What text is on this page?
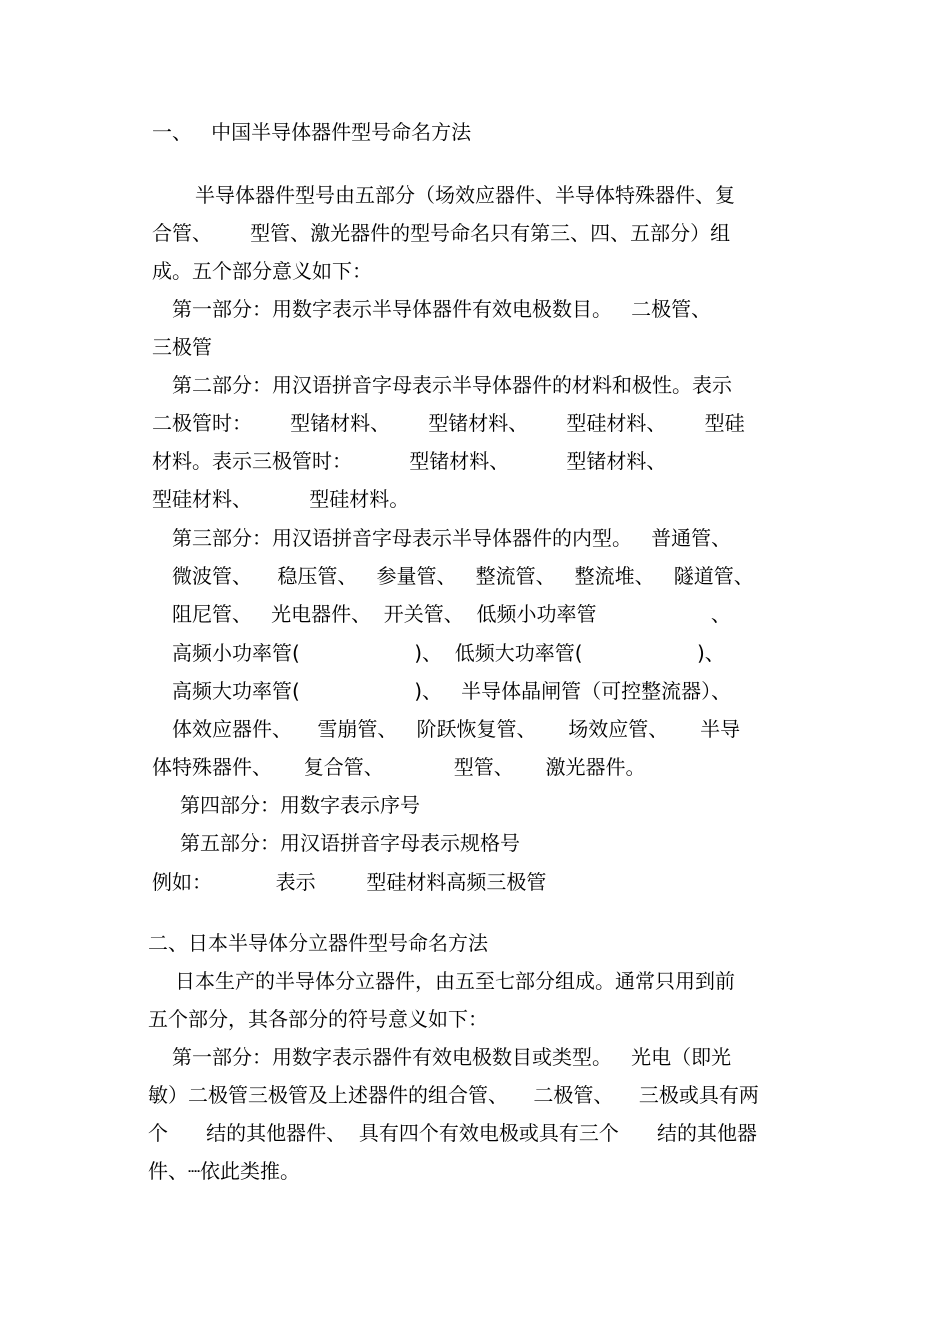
一、   中国半导体器件型号命名方法

半导体器件型号由五部分（场效应器件、半导体特殊器件、复

合管、      型管、激光器件的型号命名只有第三、四、五部分）组

成。五个部分意义如下：

第一部分：用数字表示半导体器件有效电极数目。   二极管、

三极管

第二部分：用汉语拼音字母表示半导体器件的材料和极性。表示

二极管时：      型锗材料、      型锗材料、      型硅材料、      型硅

材料。表示三极管时：         型锗材料、         型锗材料、

型硅材料、         型硅材料。

第三部分：用汉语拼音字母表示半导体器件的内型。   普通管、

微波管、    稳压管、   参量管、   整流管、   整流堆、   隧道管、

阻尼管、   光电器件、  开关管、  低频小功率管                  、

高频小功率管(                  )、  低频大功率管(                  )、

高频大功率管(                  )、   半导体晶闸管（可控整流器）、

体效应器件、    雪崩管、   阶跃恢复管、     场效应管、     半导

体特殊器件、     复合管、           型管、     激光器件。

第四部分：用数字表示序号

第五部分：用汉语拼音字母表示规格号

例如：          表示        型硅材料高频三极管

二、日本半导体分立器件型号命名方法

日本生产的半导体分立器件，由五至七部分组成。通常只用到前

五个部分，其各部分的符号意义如下：

第一部分：用数字表示器件有效电极数目或类型。   光电（即光

敏）二极管三极管及上述器件的组合管、    二极管、    三极或具有两

个      结的其他器件、  具有四个有效电极或具有三个      结的其他器

件、┈依此类推。
